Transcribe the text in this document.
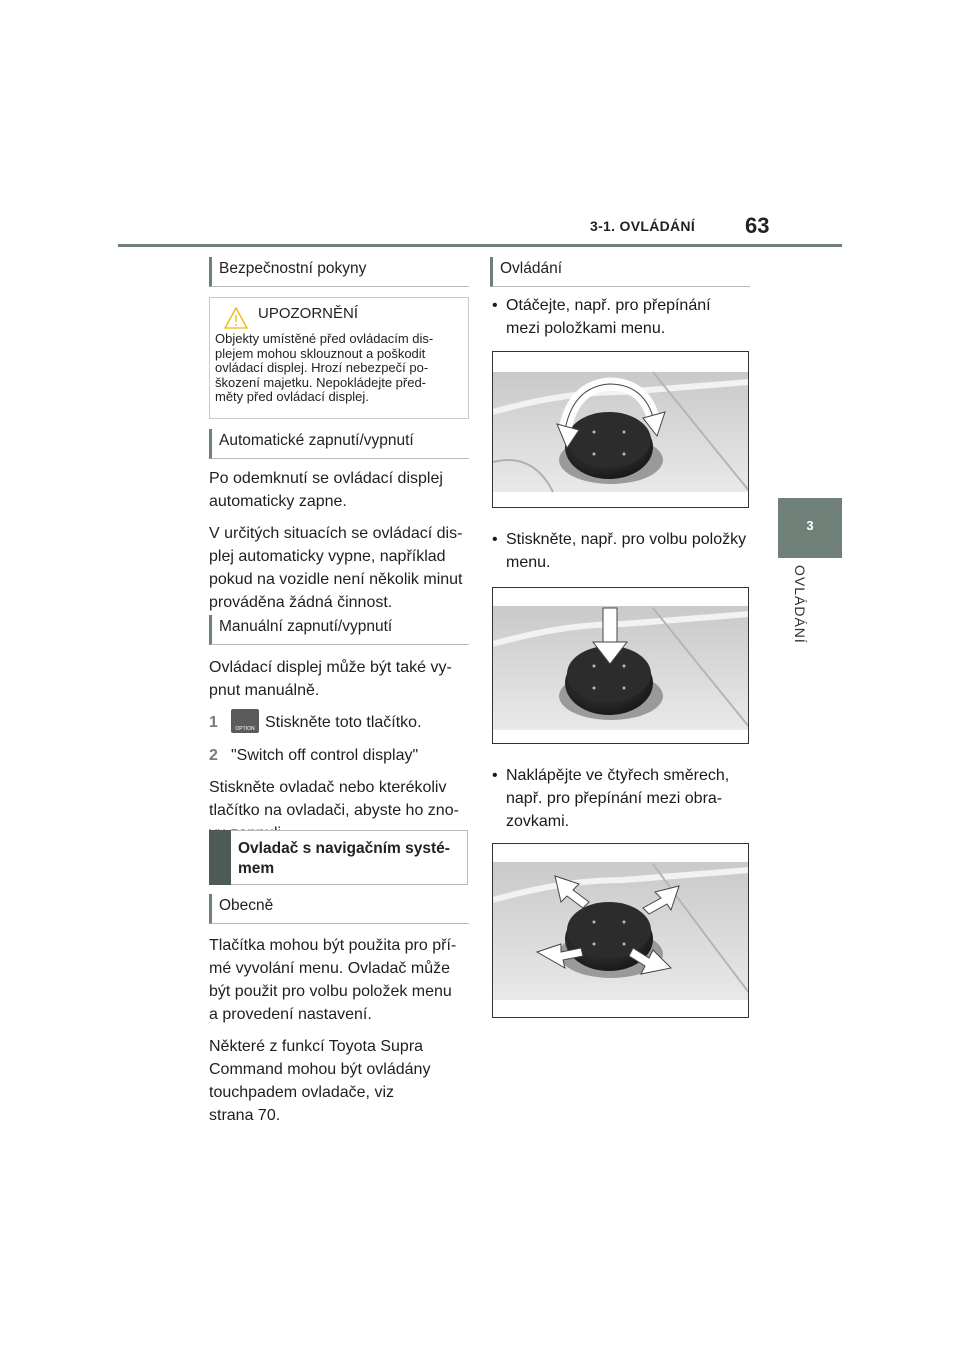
3-1. OVLÁDÁNÍ 63
3
OVLÁDÁNÍ
Bezpečnostní pokyny
UPOZORNĚNÍ
Objekty umístěné před ovládacím dis-
plejem mohou sklouznout a poškodit
ovládací displej. Hrozí nebezpečí po-
škození majetku. Nepokládejte před-
měty před ovládací displej.
Automatické zapnutí/vypnutí
Po odemknutí se ovládací displej
automaticky zapne.
V určitých situacích se ovládací dis-
plej automaticky vypne, například
pokud na vozidle není několik minut
prováděna žádná činnost.
Manuální zapnutí/vypnutí
Ovládací displej může být také vy-
pnut manuálně.
1	OPTION Stiskněte toto tlačítko.
2 "Switch off control display"
Stiskněte ovladač nebo kterékoliv
tlačítko na ovladači, abyste ho zno-
Ovladač s navigačním systé-
mem
Obecně
Tlačítka mohou být použita pro pří-
mé vyvolání menu. Ovladač může
být použit pro volbu položek menu
a provedení nastavení.
Některé z funkcí Toyota Supra
Command mohou být ovládány
touchpadem ovladače, viz
strana 70.
Ovládání
• Otáčejte, např. pro přepínání
mezi položkami menu.
• Stiskněte, např. pro volbu položky
menu.
• Naklápějte ve čtyřech směrech,
např. pro přepínání mezi obra-
zovkami.
